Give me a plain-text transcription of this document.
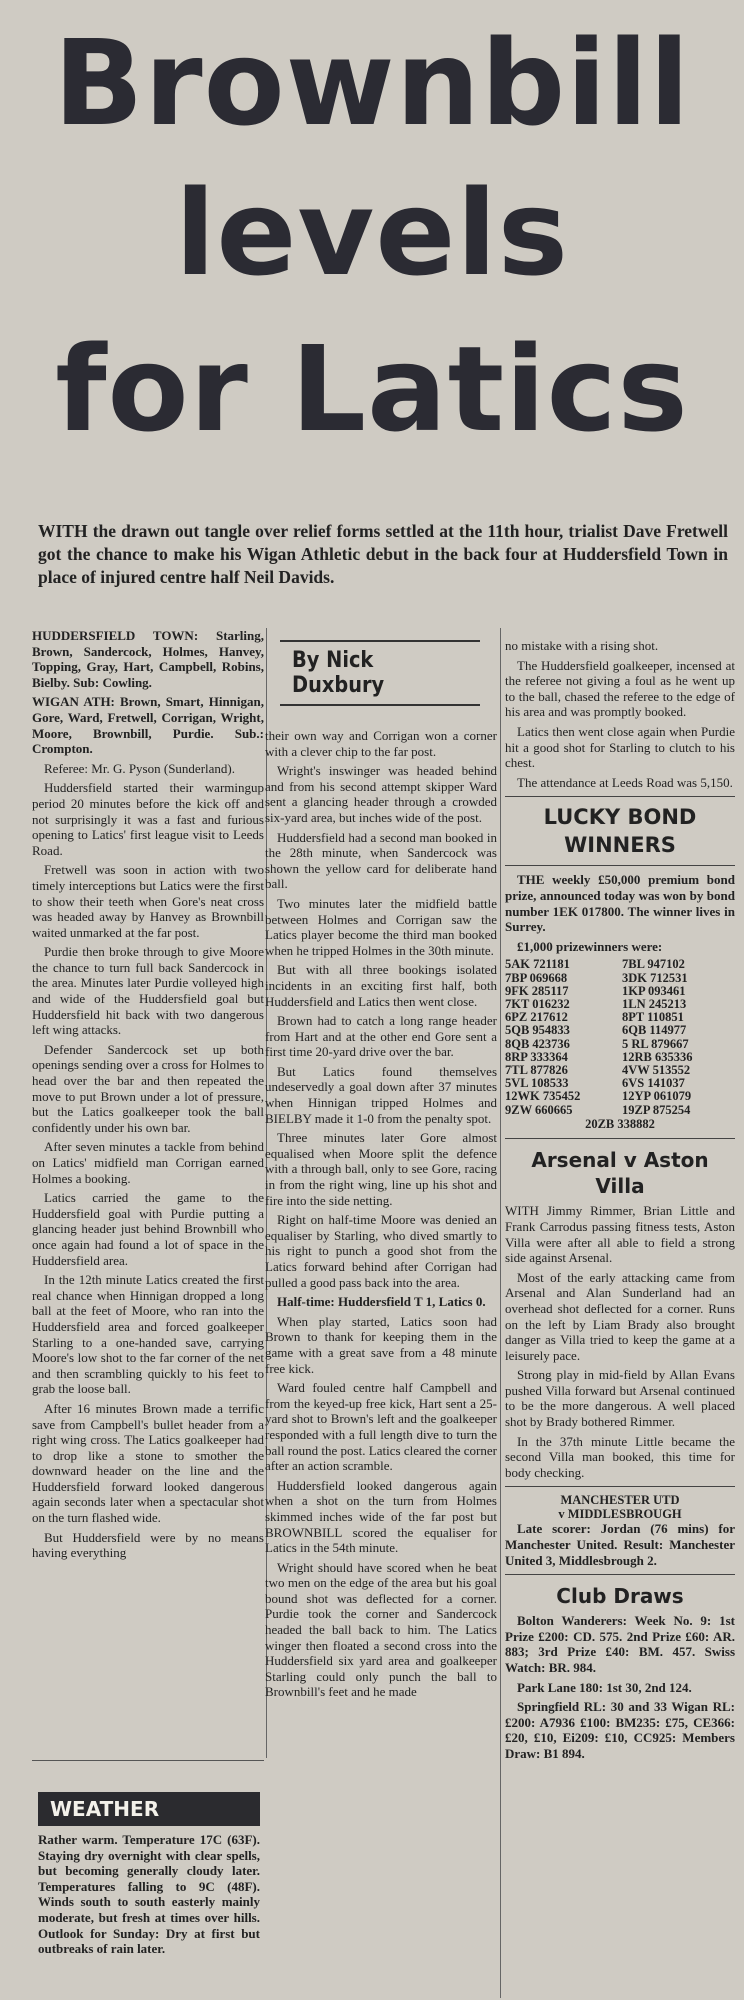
Brownbill
levels
for Latics
WITH the drawn out tangle over relief forms settled at the 11th hour, trialist Dave Fretwell got the chance to make his Wigan Athletic debut in the back four at Huddersfield Town in place of injured centre half Neil Davids.

HUDDERSFIELD TOWN: Starling, Brown, Sandercock, Holmes, Hanvey, Topping, Gray, Hart, Campbell, Robins, Bielby. Sub: Cowling.

WIGAN ATH: Brown, Smart, Hinnigan, Gore, Ward, Fretwell, Corrigan, Wright, Moore, Brownbill, Purdie. Sub.: Crompton.

Referee: Mr. G. Pyson (Sunderland).

Huddersfield started their warmingup period 20 minutes before the kick off and not surprisingly it was a fast and furious opening to Latics' first league visit to Leeds Road.

Fretwell was soon in action with two timely interceptions but Latics were the first to show their teeth when Gore's neat cross was headed away by Hanvey as Brownbill waited unmarked at the far post.

Purdie then broke through to give Moore the chance to turn full back Sandercock in the area. Minutes later Purdie volleyed high and wide of the Huddersfield goal but Huddersfield hit back with two dangerous left wing attacks.

Defender Sandercock set up both openings sending over a cross for Holmes to head over the bar and then repeated the move to put Brown under a lot of pressure, but the Latics goalkeeper took the ball confidently under his own bar.

After seven minutes a tackle from behind on Latics' midfield man Corrigan earned Holmes a booking.

Latics carried the game to the Huddersfield goal with Purdie putting a glancing header just behind Brownbill who once again had found a lot of space in the Huddersfield area.

In the 12th minute Latics created the first real chance when Hinnigan dropped a long ball at the feet of Moore, who ran into the Huddersfield area and forced goalkeeper Starling to a one-handed save, carrying Moore's low shot to the far corner of the net and then scrambling quickly to his feet to grab the loose ball.

After 16 minutes Brown made a terrific save from Campbell's bullet header from a right wing cross. The Latics goalkeeper had to drop like a stone to smother the downward header on the line and the Huddersfield forward looked dangerous again seconds later when a spectacular shot on the turn flashed wide.

But Huddersfield were by no means having everything

By Nick Duxbury

their own way and Corrigan won a corner with a clever chip to the far post.

Wright's inswinger was headed behind and from his second attempt skipper Ward sent a glancing header through a crowded six-yard area, but inches wide of the post.

Huddersfield had a second man booked in the 28th minute, when Sandercock was shown the yellow card for deliberate hand ball.

Two minutes later the midfield battle between Holmes and Corrigan saw the Latics player become the third man booked when he tripped Holmes in the 30th minute.

But with all three bookings isolated incidents in an exciting first half, both Huddersfield and Latics then went close.

Brown had to catch a long range header from Hart and at the other end Gore sent a first time 20-yard drive over the bar.

But Latics found themselves undeservedly a goal down after 37 minutes when Hinnigan tripped Holmes and BIELBY made it 1-0 from the penalty spot.

Three minutes later Gore almost equalised when Moore split the defence with a through ball, only to see Gore, racing in from the right wing, line up his shot and fire into the side netting.

Right on half-time Moore was denied an equaliser by Starling, who dived smartly to his right to punch a good shot from the Latics forward behind after Corrigan had pulled a good pass back into the area.

Half-time: Huddersfield T 1, Latics 0.

When play started, Latics soon had Brown to thank for keeping them in the game with a great save from a 48 minute free kick.

Ward fouled centre half Campbell and from the keyed-up free kick, Hart sent a 25-yard shot to Brown's left and the goalkeeper responded with a full length dive to turn the ball round the post. Latics cleared the corner after an action scramble.

Huddersfield looked dangerous again when a shot on the turn from Holmes skimmed inches wide of the far post but BROWNBILL scored the equaliser for Latics in the 54th minute.

Wright should have scored when he beat two men on the edge of the area but his goal bound shot was deflected for a corner. Purdie took the corner and Sandercock headed the ball back to him. The Latics winger then floated a second cross into the Huddersfield six yard area and goalkeeper Starling could only punch the ball to Brownbill's feet and he made

no mistake with a rising shot.

The Huddersfield goalkeeper, incensed at the referee not giving a foul as he went up to the ball, chased the referee to the edge of his area and was promptly booked.

Latics then went close again when Purdie hit a good shot for Starling to clutch to his chest.

The attendance at Leeds Road was 5,150.

LUCKY BOND WINNERS

THE weekly £50,000 premium bond prize, announced today was won by bond number 1EK 017800. The winner lives in Surrey.

£1,000 prizewinners were:

5AK 721181	7BL 947102
7BP 069668	3DK 712531
9FK 285117	1KP 093461
7KT 016232	1LN 245213
6PZ 217612	8PT 110851
5QB 954833	6QB 114977
8QB 423736	5 RL 879667
8RP 333364	12RB 635336
7TL 877826	4VW 513552
5VL 108533	6VS 141037
12WK 735452	12YP 061079
9ZW 660665	19ZP 875254
20ZB 338882
Arsenal v Aston Villa

WITH Jimmy Rimmer, Brian Little and Frank Carrodus passing fitness tests, Aston Villa were after all able to field a strong side against Arsenal.

Most of the early attacking came from Arsenal and Alan Sunderland had an overhead shot deflected for a corner. Runs on the left by Liam Brady also brought danger as Villa tried to keep the game at a leisurely pace.

Strong play in mid-field by Allan Evans pushed Villa forward but Arsenal continued to be the more dangerous. A well placed shot by Brady bothered Rimmer.

In the 37th minute Little became the second Villa man booked, this time for body checking.

MANCHESTER UTD
v MIDDLESBROUGH

Late scorer: Jordan (76 mins) for Manchester United. Result: Manchester United 3, Middlesbrough 2.

Club Draws

Bolton Wanderers: Week No. 9: 1st Prize £200: CD. 575. 2nd Prize £60: AR. 883; 3rd Prize £40: BM. 457. Swiss Watch: BR. 984.

Park Lane 180: 1st 30, 2nd 124.

Springfield RL: 30 and 33 Wigan RL: £200: A7936 £100: BM235: £75, CE366: £20, £10, Ei209: £10, CC925: Members Draw: B1 894.

WEATHER
Rather warm. Temperature 17C (63F). Staying dry overnight with clear spells, but becoming generally cloudy later. Temperatures falling to 9C (48F). Winds south to south easterly mainly moderate, but fresh at times over hills. Outlook for Sunday: Dry at first but outbreaks of rain later.
